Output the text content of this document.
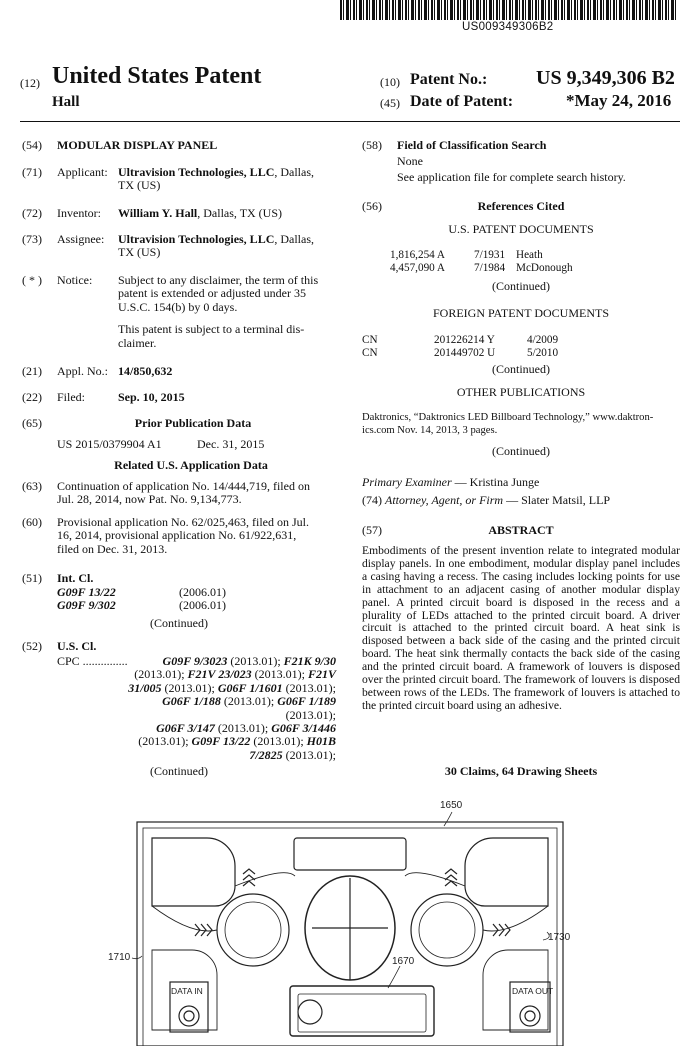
US009349306B2
(12) United States Patent
Hall
(10) Patent No.: US 9,349,306 B2
(45) Date of Patent:	*May 24, 2016
(54) MODULAR DISPLAY PANEL
(71) Applicant: Ultravision Technologies, LLC, Dallas,
TX (US)
(72) Inventor: William Y. Hall, Dallas, TX (US)
(73) Assignee: Ultravision Technologies, LLC, Dallas,
TX (US)
( * ) Notice: Subject to any disclaimer, the term of this
patent is extended or adjusted under 35
U.S.C. 154(b) by 0 days.
This patent is subject to a terminal dis-
claimer.
(21) Appl. No.: 14/850,632
(22) Filed:	Sep. 10, 2015
(65)	Prior Publication Data
US 2015/0379904 A1	Dec. 31, 2015
Related U.S. Application Data
(63) Continuation of application No. 14/444,719, filed on
Jul. 28, 2014, now Pat. No. 9,134,773.
(60) Provisional application No. 62/025,463, filed on Jul.
16, 2014, provisional application No. 61/922,631,
filed on Dec. 31, 2013.
(51) Int. Cl.
G09F 13/22	(2006.01)
G09F 9/302	(2006.01)
(Continued)
(52) U.S. Cl.
CPC ...............	G09F 9/3023 (2013.01); F21K 9/30
(2013.01); F21V 23/023 (2013.01); F21V
31/005 (2013.01); G06F 1/1601 (2013.01);
G06F 1/188 (2013.01); G06F 1/189 (2013.01);
G06F 3/147 (2013.01); G06F 3/1446
(2013.01); G09F 13/22 (2013.01); H01B
7/2825 (2013.01);
(Continued)
(58) Field of Classification Search
None
See application file for complete search history.
(56)	References Cited
U.S. PATENT DOCUMENTS
1,816,254 A	7/1931 Heath
4,457,090 A	7/1984 McDonough
(Continued)
FOREIGN PATENT DOCUMENTS
CN	201226214 Y	4/2009
CN	201449702 U	5/2010
(Continued)
OTHER PUBLICATIONS
Daktronics, “Daktronics LED Billboard Technology,” www.daktron-
ics.com Nov. 14, 2013, 3 pages.
(Continued)
Primary Examiner — Kristina Junge
(74) Attorney, Agent, or Firm — Slater Matsil, LLP
(57)	ABSTRACT
Embodiments of the present invention relate to integrated modular display panels. In one embodiment, modular display panel includes a casing having a recess. The casing includes locking points for use in attachment to an adjacent casing of another modular display panel. A printed circuit board is disposed in the recess and a plurality of LEDs attached to the printed circuit board. A driver circuit is attached to the printed circuit board. A heat sink is disposed between a back side of the casing and the printed circuit board. The heat sink thermally contacts the back side of the casing and the printed circuit board. A framework of louvers is disposed over the printed circuit board. The framework of louvers is disposed between rows of the LEDs. The framework of louvers is attached to the printed circuit board using an adhesive.
30 Claims, 64 Drawing Sheets
1650
1710
1730
1670
DATA IN	DATA OUT
